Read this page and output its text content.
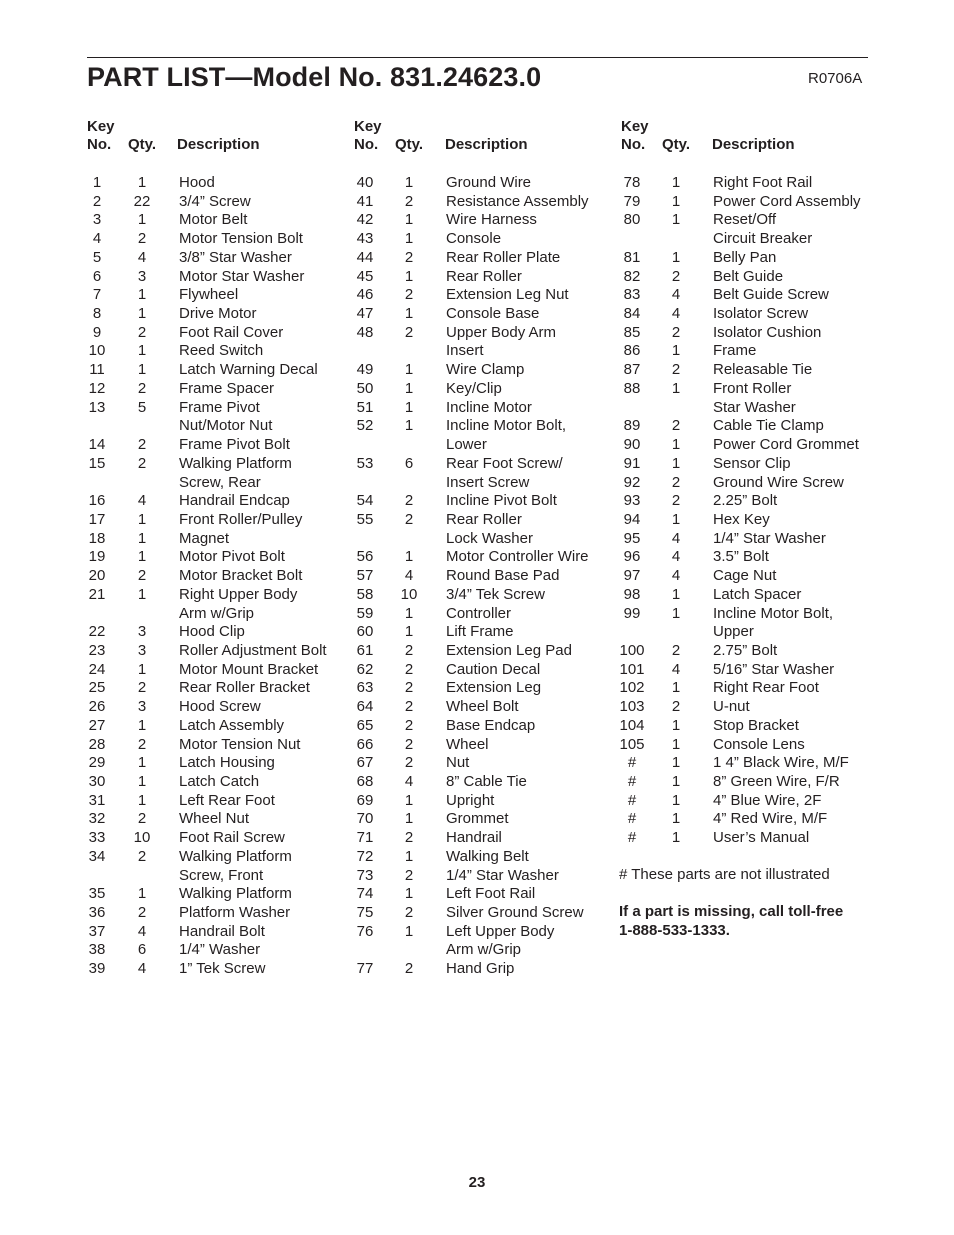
PART LIST—Model No. 831.24623.0	R0706A
Key
No. Qty. Description
1	1	Hood
2	22	3/4” Screw
3	1	Motor Belt
4	2	Motor Tension Bolt
5	4	3/8” Star Washer
6	3	Motor Star Washer
7	1	Flywheel
8	1	Drive Motor
9	2	Foot Rail Cover
10	1	Reed Switch
11	1	Latch Warning Decal
12	2	Frame Spacer
13	5	Frame Pivot
Nut/Motor Nut
14	2	Frame Pivot Bolt
15	2	Walking Platform
Screw, Rear
16	4	Handrail Endcap
17	1	Front Roller/Pulley
18	1	Magnet
19	1	Motor Pivot Bolt
20	2	Motor Bracket Bolt
21	1	Right Upper Body
Arm w/Grip
22	3	Hood Clip
23	3	Roller Adjustment Bolt
24	1	Motor Mount Bracket
25	2	Rear Roller Bracket
26	3	Hood Screw
27	1	Latch Assembly
28	2	Motor Tension Nut
29	1	Latch Housing
30	1	Latch Catch
31	1	Left Rear Foot
32	2	Wheel Nut
33	10	Foot Rail Screw
34	2	Walking Platform
Screw, Front
35	1	Walking Platform
36	2	Platform Washer
37	4	Handrail Bolt
38	6	1/4” Washer
39	4	1” Tek Screw
Key
No. Qty. Description
40	1	Ground Wire
41	2	Resistance Assembly
42	1	Wire Harness
43	1	Console
44	2	Rear Roller Plate
45	1	Rear Roller
46	2	Extension Leg Nut
47	1	Console Base
48	2	Upper Body Arm
Insert
49	1	Wire Clamp
50	1	Key/Clip
51	1	Incline Motor
52	1	Incline Motor Bolt,
Lower
53	6	Rear Foot Screw/
Insert Screw
54	2	Incline Pivot Bolt
55	2	Rear Roller
Lock Washer
56	1	Motor Controller Wire
57	4	Round Base Pad
58	10	3/4” Tek Screw
59	1	Controller
60	1	Lift Frame
61	2	Extension Leg Pad
62	2	Caution Decal
63	2	Extension Leg
64	2	Wheel Bolt
65	2	Base Endcap
66	2	Wheel
67	2	Nut
68	4	8” Cable Tie
69	1	Upright
70	1	Grommet
71	2	Handrail
72	1	Walking Belt
73	2	1/4” Star Washer
74	1	Left Foot Rail
75	2	Silver Ground Screw
76	1	Left Upper Body
Arm w/Grip
77	2	Hand Grip
Key
No. Qty. Description
78	1	Right Foot Rail
79	1	Power Cord Assembly
80	1	Reset/Off
Circuit Breaker
81	1	Belly Pan
82	2	Belt Guide
83	4	Belt Guide Screw
84	4	Isolator Screw
85	2	Isolator Cushion
86	1	Frame
87	2	Releasable Tie
88	1	Front Roller
Star Washer
89	2	Cable Tie Clamp
90	1	Power Cord Grommet
91	1	Sensor Clip
92	2	Ground Wire Screw
93	2	2.25” Bolt
94	1	Hex Key
95	4	1/4” Star Washer
96	4	3.5” Bolt
97	4	Cage Nut
98	1	Latch Spacer
99	1	Incline Motor Bolt,
Upper
100	2	2.75” Bolt
101	4	5/16” Star Washer
102	1	Right Rear Foot
103	2	U-nut
104	1	Stop Bracket
105	1	Console Lens
#	1	1 4” Black Wire, M/F
#	1	8” Green Wire, F/R
#	1	4” Blue Wire, 2F
#	1	4” Red Wire, M/F
#	1	User’s Manual
# These parts are not illustrated
If a part is missing, call toll-free
1-888-533-1333.
23
